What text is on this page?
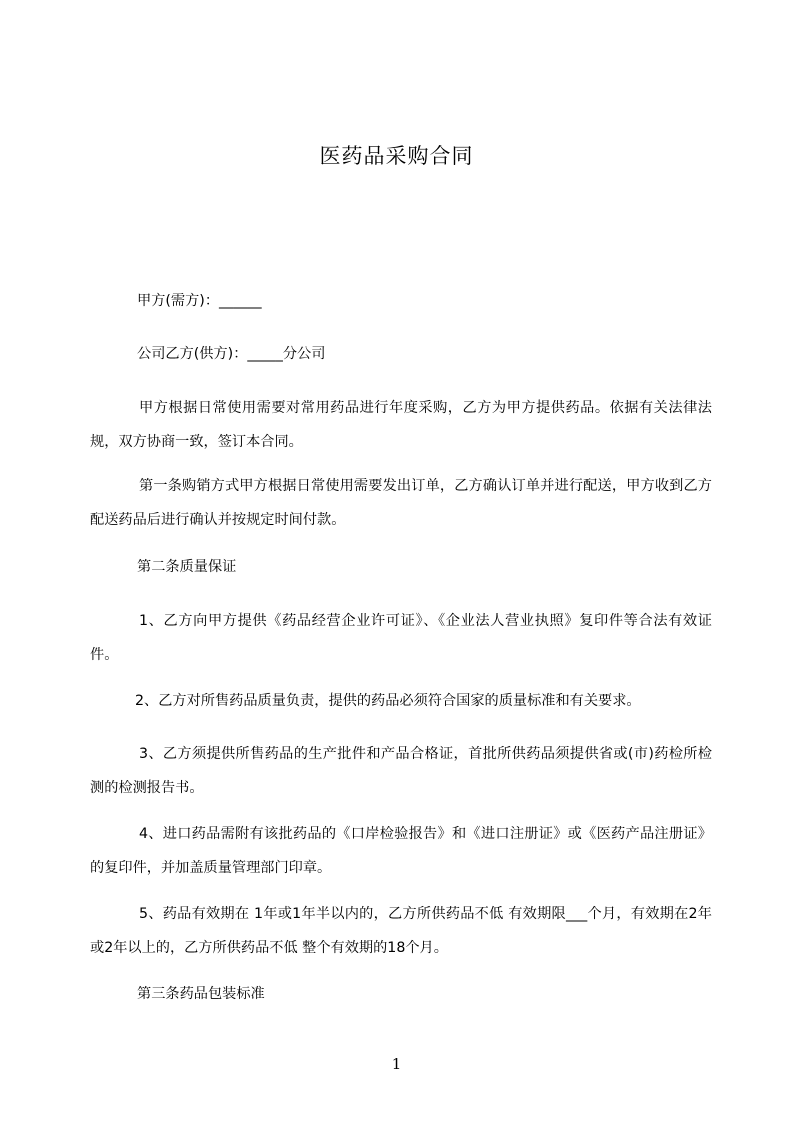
医药品采购合同
甲方(需方)：______
公司乙方(供方)：_____分公司
甲方根据日常使用需要对常用药品进行年度采购，乙方为甲方提供药品。依据有关法律法规，双方协商一致，签订本合同。
第一条购销方式甲方根据日常使用需要发出订单，乙方确认订单并进行配送，甲方收到乙方配送药品后进行确认并按规定时间付款。
第二条质量保证
1、乙方向甲方提供《药品经营企业许可证》、《企业法人营业执照》复印件等合法有效证件。
2、乙方对所售药品质量负责，提供的药品必须符合国家的质量标准和有关要求。
3、乙方须提供所售药品的生产批件和产品合格证，首批所供药品须提供省或(市)药检所检测的检测报告书。
4、进口药品需附有该批药品的《口岸检验报告》和《进口注册证》或《医药产品注册证》的复印件，并加盖质量管理部门印章。
5、药品有效期在 1年或1年半以内的，乙方所供药品不低 有效期限___个月，有效期在2年或2年以上的，乙方所供药品不低 整个有效期的18个月。
第三条药品包装标准
1
